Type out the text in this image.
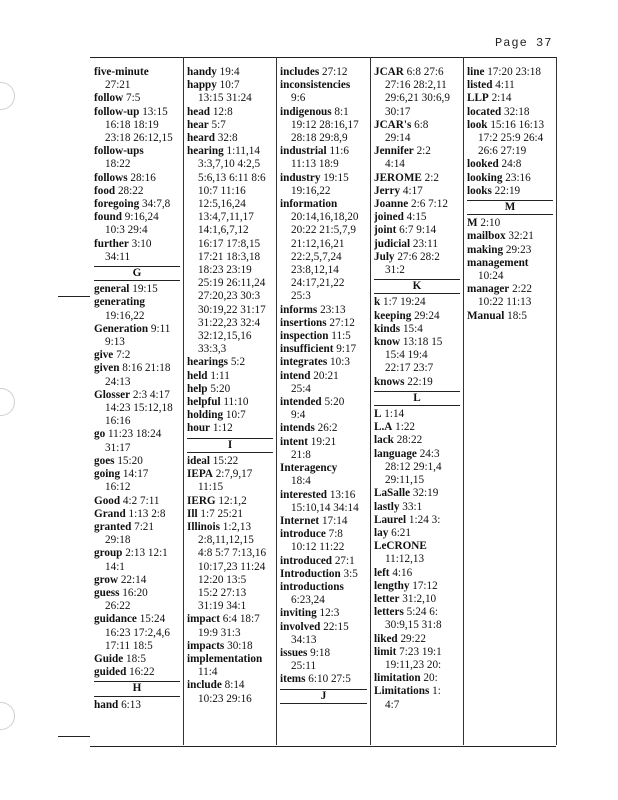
Page 37
five-minute
27:21
follow 7:5
follow-up 13:15
16:18 18:19
23:18 26:12,15
follow-ups
18:22
follows 28:16
food 28:22
foregoing 34:7,8
found 9:16,24
10:3 29:4
further 3:10
34:11
G
general 19:15
generating
19:16,22
Generation 9:11
9:13
give 7:2
given 8:16 21:18
24:13
Glosser 2:3 4:17
14:23 15:12,18
16:16
go 11:23 18:24
31:17
goes 15:20
going 14:17
16:12
Good 4:2 7:11
Grand 1:13 2:8
granted 7:21
29:18
group 2:13 12:1
14:1
grow 22:14
guess 16:20
26:22
guidance 15:24
16:23 17:2,4,6
17:11 18:5
Guide 18:5
guided 16:22
H
hand 6:13
handy 19:4
happy 10:7
13:15 31:24
head 12:8
hear 5:7
heard 32:8
hearing 1:11,14
3:3,7,10 4:2,5
5:6,13 6:11 8:6
10:7 11:16
12:5,16,24
13:4,7,11,17
14:1,6,7,12
16:17 17:8,15
17:21 18:3,18
18:23 23:19
25:19 26:11,24
27:20,23 30:3
30:19,22 31:17
31:22,23 32:4
32:12,15,16
33:3,3
hearings 5:2
held 1:11
help 5:20
helpful 11:10
holding 10:7
hour 1:12
I
ideal 15:22
IEPA 2:7,9,17
11:15
IERG 12:1,2
Ill 1:7 25:21
Illinois 1:2,13
2:8,11,12,15
4:8 5:7 7:13,16
10:17,23 11:24
12:20 13:5
15:2 27:13
31:19 34:1
impact 6:4 18:7
19:9 31:3
impacts 30:18
implementation
11:4
include 8:14
10:23 29:16
includes 27:12
inconsistencies
9:6
indigenous 8:1
19:12 28:16,17
28:18 29:8,9
industrial 11:6
11:13 18:9
industry 19:15
19:16,22
information
20:14,16,18,20
20:22 21:5,7,9
21:12,16,21
22:2,5,7,24
23:8,12,14
24:17,21,22
25:3
informs 23:13
insertions 27:12
inspection 11:5
insufficient 9:17
integrates 10:3
intend 20:21
25:4
intended 5:20
9:4
intends 26:2
intent 19:21
21:8
Interagency
18:4
interested 13:16
15:10,14 34:14
Internet 17:14
introduce 7:8
10:12 11:22
introduced 27:1
Introduction 3:5
introductions
6:23,24
inviting 12:3
involved 22:15
34:13
issues 9:18
25:11
items 6:10 27:5
J
JCAR 6:8 27:6
27:16 28:2,11
29:6,21 30:6,9
30:17
JCAR's 6:8
29:14
Jennifer 2:2
4:14
JEROME 2:2
Jerry 4:17
Joanne 2:6 7:12
joined 4:15
joint 6:7 9:14
judicial 23:11
July 27:6 28:2
31:2
K
k 1:7 19:24
keeping 29:24
kinds 15:4
know 13:18 15
15:4 19:4
22:17 23:7
knows 22:19
L
L 1:14
L.A 1:22
lack 28:22
language 24:3
28:12 29:1,4
29:11,15
LaSalle 32:19
lastly 33:1
Laurel 1:24 3:
lay 6:21
LeCRONE
11:12,13
left 4:16
lengthy 17:12
letter 31:2,10
letters 5:24 6:
30:9,15 31:8
liked 29:22
limit 7:23 19:1
19:11,23 20:
limitation 20:
Limitations 1:
4:7
line 17:20 23:18
listed 4:11
LLP 2:14
located 32:18
look 15:16 16:13
17:2 25:9 26:4
26:6 27:19
looked 24:8
looking 23:16
looks 22:19
M
M 2:10
mailbox 32:21
making 29:23
management
10:24
manager 2:22
10:22 11:13
Manual 18:5
